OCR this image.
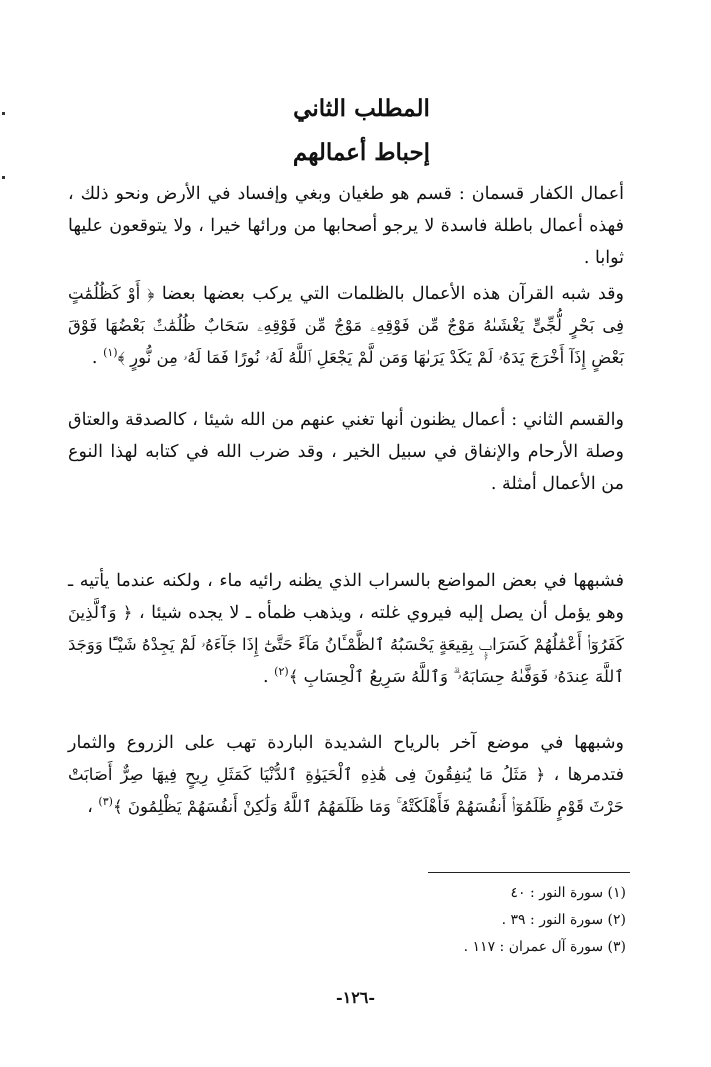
المطلب الثاني
إحباط أعمالهم

أعمال الكفار قسمان : قسم هو طغيان وبغي وإفساد في الأرض ونحو ذلك ، فهذه أعمال باطلة فاسدة لا يرجو أصحابها من ورائها خيرا ، ولا يتوقعون عليها ثوابا .

وقد شبه القرآن هذه الأعمال بالظلمات التي يركب بعضها بعضا ﴿ أَوْ كَظُلُمَٰتٍ فِى بَحْرٍ لُّجِّىٍّ يَغْشَىٰهُ مَوْجٌ مِّن فَوْقِهِۦ مَوْجٌ مِّن فَوْقِهِۦ سَحَابٌ ظُلُمَٰتٌۢ بَعْضُهَا فَوْقَ بَعْضٍ إِذَآ أَخْرَجَ يَدَهُۥ لَمْ يَكَدْ يَرَىٰهَا وَمَن لَّمْ يَجْعَلِ ٱللَّهُ لَهُۥ نُورًا فَمَا لَهُۥ مِن نُّورٍ ﴾$^{(١)}$ .

والقسم الثاني : أعمال يظنون أنها تغني عنهم من الله شيئا ، كالصدقة والعتاق وصلة الأرحام والإنفاق في سبيل الخير ، وقد ضرب الله في كتابه لهذا النوع من الأعمال أمثلة .

فشبهها في بعض المواضع بالسراب الذي يظنه رائيه ماء ، ولكنه عندما يأتيه ـ وهو يؤمل أن يصل إليه فيروي غلته ، ويذهب ظمأه ـ لا يجده شيئا ، ﴿ وَٱلَّذِينَ كَفَرُوٓا۟ أَعْمَٰلُهُمْ كَسَرَابٍۭ بِقِيعَةٍ يَحْسَبُهُ ٱلظَّمْـَٔانُ مَآءً حَتَّىٰٓ إِذَا جَآءَهُۥ لَمْ يَجِدْهُ شَيْـًٔا وَوَجَدَ ٱللَّهَ عِندَهُۥ فَوَفَّىٰهُ حِسَابَهُۥ ۗ وَٱللَّهُ سَرِيعُ ٱلْحِسَابِ ﴾$^{(٢)}$ .

وشبهها في موضع آخر بالرياح الشديدة الباردة تهب على الزروع والثمار فتدمرها ، ﴿ مَثَلُ مَا يُنفِقُونَ فِى هَٰذِهِ ٱلْحَيَوٰةِ ٱلدُّنْيَا كَمَثَلِ رِيحٍ فِيهَا صِرٌّ أَصَابَتْ حَرْثَ قَوْمٍ ظَلَمُوٓا۟ أَنفُسَهُمْ فَأَهْلَكَتْهُ ۚ وَمَا ظَلَمَهُمُ ٱللَّهُ وَلَٰكِنْ أَنفُسَهُمْ يَظْلِمُونَ ﴾$^{(٣)}$ ،

(١) سورة النور : ٤٠
(٢) سورة النور : ٣٩ .
(٣) سورة آل عمران : ١١٧ .
-١٢٦-
